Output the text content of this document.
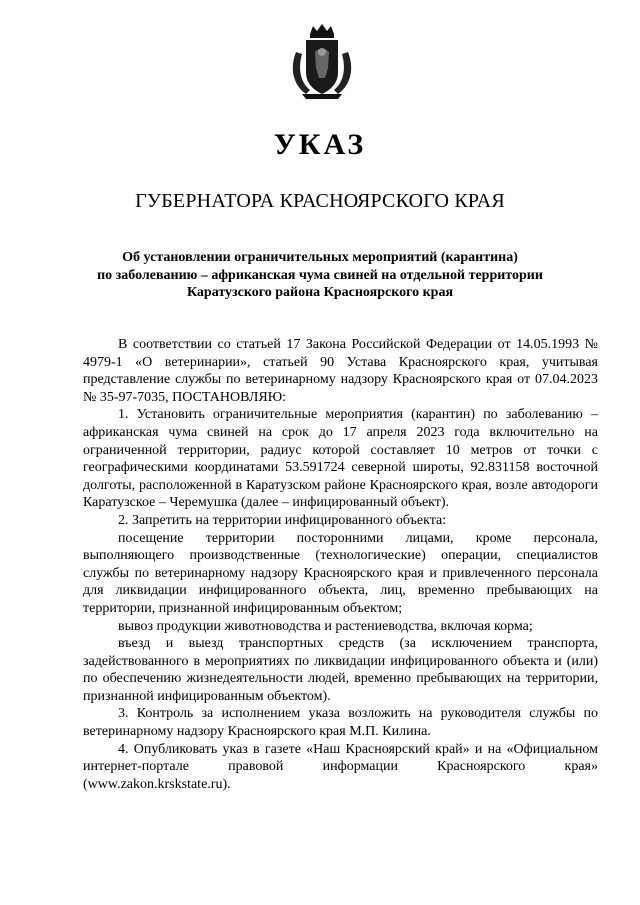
УКАЗ
ГУБЕРНАТОРА КРАСНОЯРСКОГО КРАЯ
Об установлении ограничительных мероприятий (карантина)
по заболеванию – африканская чума свиней на отдельной территории
Каратузского района Красноярского края

В соответствии со статьей 17 Закона Российской Федерации от 14.05.1993 № 4979-1 «О ветеринарии», статьей 90 Устава Красноярского края, учитывая представление службы по ветеринарному надзору Красноярского края от 07.04.2023 № 35-97-7035, ПОСТАНОВЛЯЮ:

1. Установить ограничительные мероприятия (карантин) по заболеванию – африканская чума свиней на срок до 17 апреля 2023 года включительно на ограниченной территории, радиус которой составляет 10 метров от точки с географическими координатами 53.591724 северной широты, 92.831158 восточной долготы, расположенной в Каратузском районе Красноярского края, возле автодороги Каратузское – Черемушка (далее – инфицированный объект).

2. Запретить на территории инфицированного объекта:

посещение территории посторонними лицами, кроме персонала, выполняющего производственные (технологические) операции, специалистов службы по ветеринарному надзору Красноярского края и привлеченного персонала для ликвидации инфицированного объекта, лиц, временно пребывающих на территории, признанной инфицированным объектом;

вывоз продукции животноводства и растениеводства, включая корма;

въезд и выезд транспортных средств (за исключением транспорта, задействованного в мероприятиях по ликвидации инфицированного объекта и (или) по обеспечению жизнедеятельности людей, временно пребывающих на территории, признанной инфицированным объектом).

3. Контроль за исполнением указа возложить на руководителя службы по ветеринарному надзору Красноярского края М.П. Килина.

4. Опубликовать указ в газете «Наш Красноярский край» и на «Официальном интернет-портале правовой информации Красноярского края» (www.zakon.krskstate.ru).
